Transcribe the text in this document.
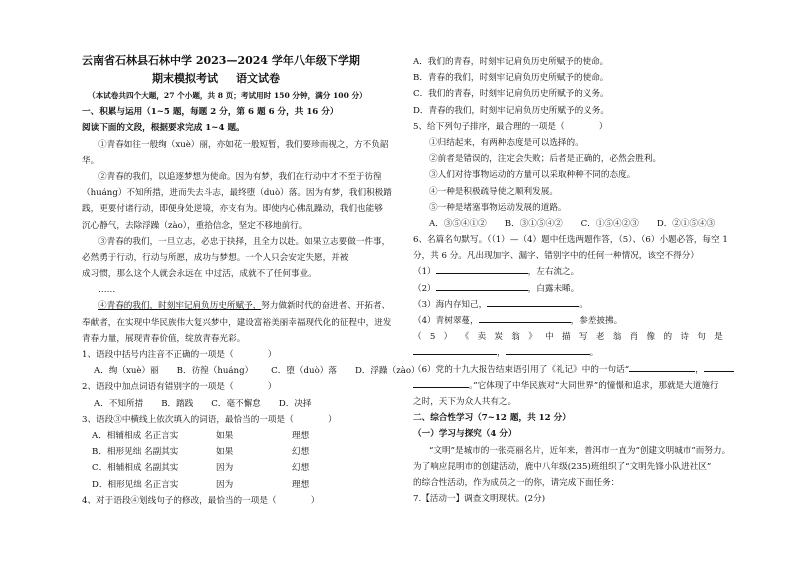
云南省石林县石林中学 2023—2024 学年八年级下学期
期末模拟考试 语文试卷
（本试卷共四个大题，27 个小题，共 8 页；考试用时 150 分钟，满分 100 分）
一、积累与运用（1~5 题，每题 2 分，第 6 题 6 分，共 16 分）
阅读下面的文段，根据要求完成 1~4 题。
①青春如往一般绚（xuè）丽，亦如花一般短暂，我们要珍而视之，方不负韶
华。
②青春的我们，以追逐梦想为使命。因为有梦，我们在行动中才不至于彷徨
（huáng）不知所措，进而失去斗志，最终堕（duò）落。因为有梦，我们积极踏
践，更要付诸行动，即便身处逆境，亦支有为。即使内心佛乱躁动，我们也能够
沉心静气，去除浮躁（zào），重拾信念，坚定不移地前行。
③青春的我们，一旦立志，必忠于抉择，且全力以赴。如果立志要做一件事，
必然勇于行动，行动与所愿，成功与梦想。一个人只会安定失愿，并被
成习惯，那么这个人就会永远在 中过活，成就不了任何事业。
……
④青春的我们，时刻牢记肩负历史所赋予，努力做新时代的奋进者、开拓者、
奉献者，在实现中华民族伟大复兴梦中，建设富裕美丽幸福现代化的征程中，迸发
青春力量，展现青春价值，绽放青春光彩。
1、语段中括号内注音不正确的一项是（　　　　）
A．绚（xuè）丽 B．彷徨（huáng） C．堕（duò）落 D．浮躁（zào）
2、语段中加点词语有错别字的一项是（　　　　）
A．不知所措 B．踏践 C．毫不懈怠 D．决择
3、语段③中横线上依次填入的词语，最恰当的一项是（　　　　）
A．相辅相成 名正言实	如果	理想
B．相形见绌 名副其实	如果	幻想
C．相辅相成 名副其实	因为	幻想
D．相形见绌 名正言实	因为	理想
4、对于语段④划线句子的修改，最恰当的一项是（　　　　）
A．我们的青春，时刻牢记肩负历史所赋予的使命。
B．青春的我们，时刻牢记肩负历史所赋予的使命。
C．我们的青春，时刻牢记肩负历史所赋予的义务。
D．青春的我们，时刻牢记肩负历史所赋予的义务。
5、给下列句子排序，最合理的一项是（　　　　）
①归结起来，有两种态度是可以选择的。
②前者是错误的，注定会失败；后者是正确的，必然会胜利。
③人们对待事物运动的方量可以采取种种不同的态度。
④一种是积极疏导使之顺利发展。
⑤一种是堵塞事物运动发展的道路。
A．③⑤④①② B．③①⑤④② C．①⑤④②③ D．②①⑤④③
6、名篇名句默写。（（1）—（4）题中任选两题作答，（5）、（6）小题必答，每空 1
分，共 6 分。凡出现加字、漏字、错别字中的任何一种情况，该空不得分）
（1）	，左右流之。
（2）	，白露未晞。
（3）海内存知己，	。
（4）青树翠蔓，	，参差披拂。
（ 5 ） 《 卖 炭 翁 》 中 描 写 老 翁 肖 像 的 诗 句 是
，	。
（6）党的十九大报告结束语引用了《礼记》中的一句话“	，
。”它体现了中华民族对“大同世界”的憧憬和追求，那就是大道施行
之时，天下为众人共有之。
二、综合性学习（7~12 题，共 12 分）
（一）学习与探究（4 分）
“文明”是城市的一张亮丽名片，近年来，普洱市一直为“创建文明城市”而努力。
为了响应昆明市的创建活动，鹿中八年级(235)班组织了“文明先锋小队进社区”
的综合性活动，作为成员之一的你，请完成下面任务：
7.【活动一】调查文明现状。(2分)
